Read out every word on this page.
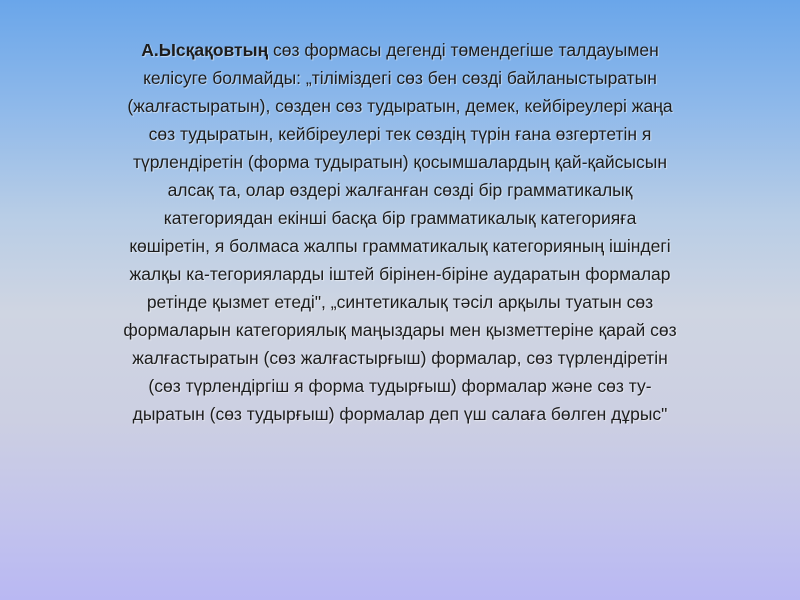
А.Ысқақовтың сөз формасы дегенді төмендегіше талдауымен
келісуге болмайды: „тіліміздегі сөз бен сөзді байланыстыратын
(жалғастыратын), сөзден сөз тудыратын, демек, кейбіреулері жаңа
сөз тудыратын, кейбіреулері тек сөздің түрін ғана өзгертетін я
түрлендіретін (форма тудыратын) қосымшалардың қай-қайсысын
алсақ та, олар өздері жалғанған сөзді бір грамматикалық
категориядан екінші басқа бір грамматикалық категорияға
көшіретін, я болмаса жалпы грамматикалық категорияның ішіндегі
жалқы ка-тегорияларды іштей бірінен-біріне аударатын формалар
ретінде қызмет етеді", „синтетикалық тәсіл арқылы туатын сөз
формаларын категориялық маңыздары мен қызметтеріне қарай сөз
жалғастыратын (сөз жалғастырғыш) формалар, сөз түрлендіретін
(сөз түрлендіргіш я форма тудырғыш) формалар және сөз ту-
дыратын (сөз тудырғыш) формалар деп үш салаға бөлген дұрыс"
